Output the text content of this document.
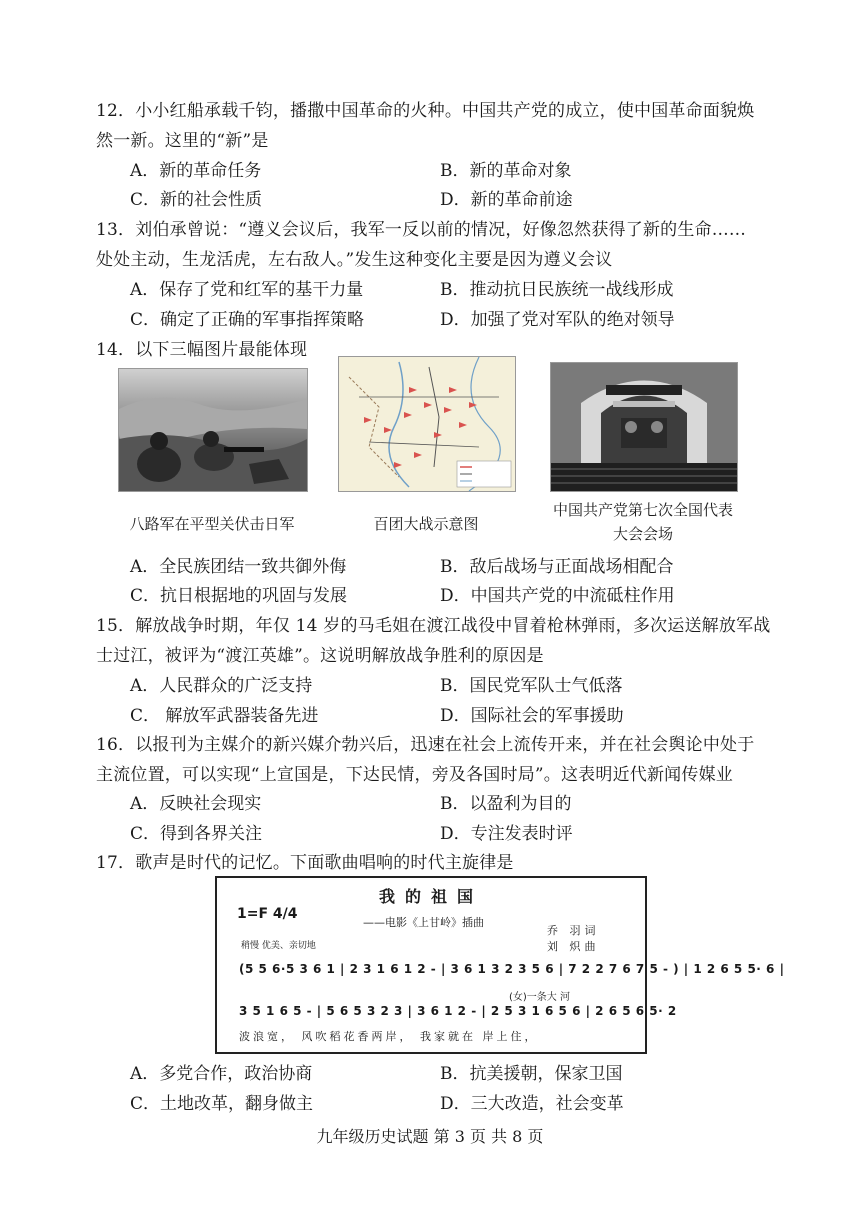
12．小小红船承载千钧，播撒中国革命的火种。中国共产党的成立，使中国革命面貌焕
然一新。这里的“新”是
A．新的革命任务	B．新的革命对象
C．新的社会性质	D．新的革命前途
13．刘伯承曾说：“遵义会议后，我军一反以前的情况，好像忽然获得了新的生命……
处处主动，生龙活虎，左右敌人。”发生这种变化主要是因为遵义会议
A．保存了党和红军的基干力量	B．推动抗日民族统一战线形成
C．确定了正确的军事指挥策略	D．加强了党对军队的绝对领导
14．以下三幅图片最能体现
八路军在平型关伏击日军	百团大战示意图
中国共产党第七次全国代表
大会会场
A．全民族团结一致共御外侮	B．敌后战场与正面战场相配合
C．抗日根据地的巩固与发展	D．中国共产党的中流砥柱作用
15．解放战争时期，年仅 14 岁的马毛姐在渡江战役中冒着枪林弹雨，多次运送解放军战
士过江，被评为“渡江英雄”。这说明解放战争胜利的原因是
A．人民群众的广泛支持	B．国民党军队士气低落
C． 解放军武器装备先进	D．国际社会的军事援助
16．以报刊为主媒介的新兴媒介勃兴后，迅速在社会上流传开来，并在社会舆论中处于
主流位置，可以实现“上宣国是，下达民情，旁及各国时局”。这表明近代新闻传媒业
A．反映社会现实	B．以盈利为目的
C．得到各界关注	D．专注发表时评
17．歌声是时代的记忆。下面歌曲唱响的时代主旋律是
我的祖国
1=F 4/4
——电影《上甘岭》插曲
乔 羽词
刘 炽曲
稍慢 优美、亲切地
(5 5 6·5 3 6 1 | 2 3 1 6 1 2 - | 3 6 1 3 2 3 5 6 | 7 2 2 7 6 7 5 - ) | 1 2 6 5 5· 6 |
(女)一条大 河
3 5 1 6 5 - | 5 6 5 3 2 3 | 3 6 1 2 - | 2 5 3 1 6 5 6 | 2 6 5 6 5· 2
波浪宽， 风吹稻花香两岸， 我家就在 岸上住，
A．多党合作，政治协商	B．抗美援朝，保家卫国
C．土地改革，翻身做主	D．三大改造，社会变革
九年级历史试题 第 3 页 共 8 页
